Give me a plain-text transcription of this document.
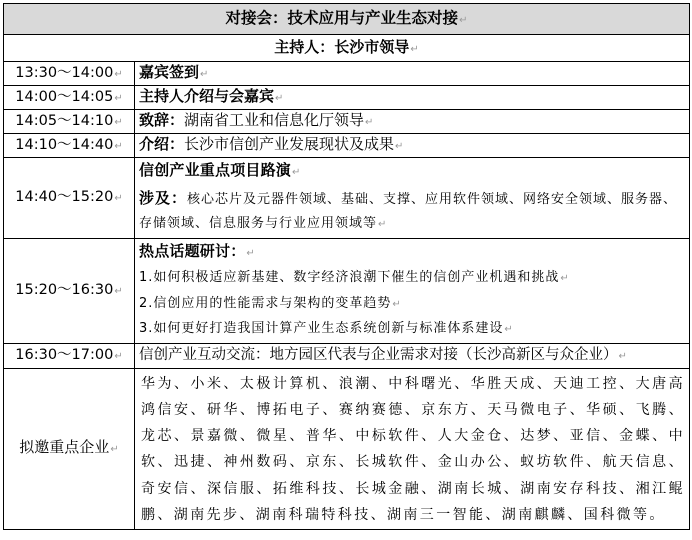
对接会：技术应用与产业生态对接↵	
主持人：长沙市领导↵	
13:30～14:00↵	嘉宾签到↵
14:00～14:05↵	主持人介绍与会嘉宾↵
14:05～14:10↵	致辞：湖南省工业和信息化厅领导↵
14:10～14:40↵	介绍：长沙市信创产业发展现状及成果↵
14:40～15:20↵	信创产业重点项目路演↵
涉及：核心芯片及元器件领域、基础、支撑、应用软件领域、网络安全领域、服务器、存储领域、信息服务与行业应用领域等↵

15:20～16:30↵	热点话题研讨：↵
1.如何积极适应新基建、数字经济浪潮下催生的信创产业机遇和挑战↵
2.信创应用的性能需求与架构的变革趋势↵
3.如何更好打造我国计算产业生态系统创新与标准体系建设↵

16:30～17:00↵	信创产业互动交流：地方园区代表与企业需求对接（长沙高新区与众企业）↵
拟邀重点企业↵	华为、小米、太极计算机、浪潮、中科曙光、华胜天成、天迪工控、大唐高鸿信安、研华、博拓电子、赛纳赛德、京东方、天马微电子、华硕、飞腾、龙芯、景嘉微、微星、普华、中标软件、人大金仓、达梦、亚信、金蝶、中软、迅捷、神州数码、京东、长城软件、金山办公、蚁坊软件、航天信息、奇安信、深信服、拓维科技、长城金融、湖南长城、湖南安存科技、湘江鲲鹏、湖南先步、湖南科瑞特科技、湖南三一智能、湖南麒麟、国科微等。
